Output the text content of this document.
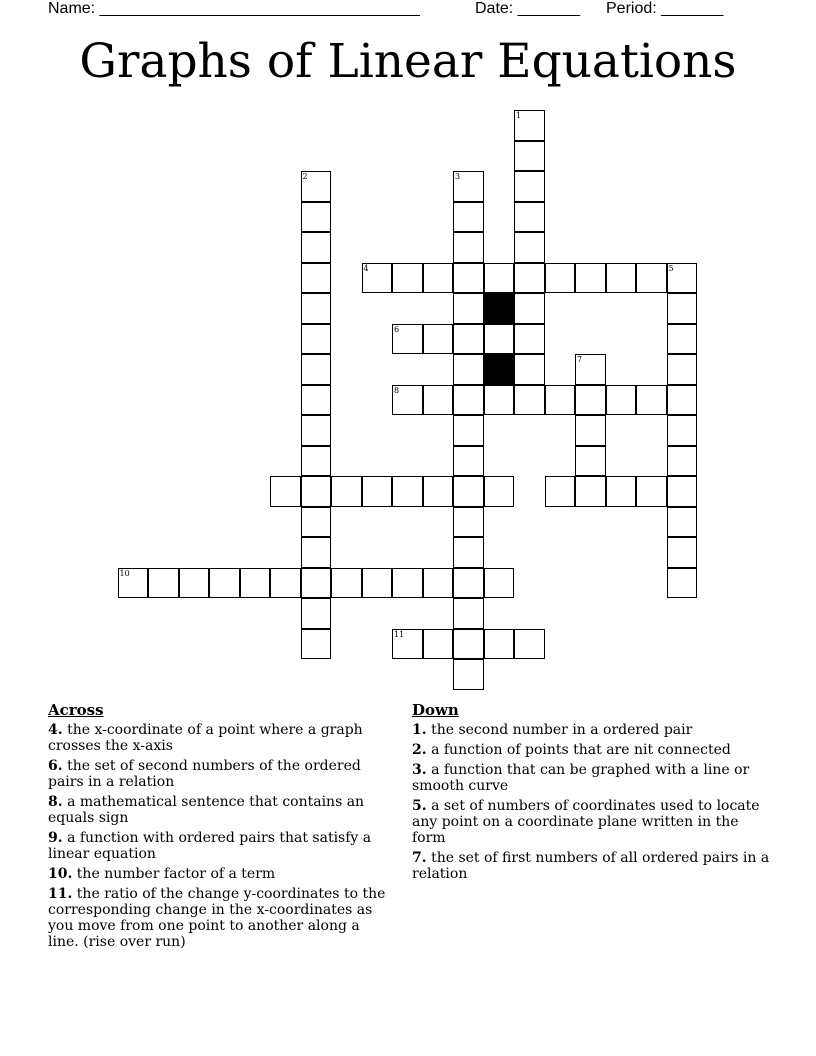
Name: ____________________________________	Date: _______ Period: _______
Graphs of Linear Equations
1
2	3
4	5
6
7
8
11
10
Across
4. the x-coordinate of a point where a graph crosses the x-axis
6. the set of second numbers of the ordered pairs in a relation
8. a mathematical sentence that contains an equals sign
9. a function with ordered pairs that satisfy a linear equation
10. the number factor of a term
11. the ratio of the change y-coordinates to the corresponding change in the x-coordinates as you move from one point to another along a line. (rise over run)
Down
1. the second number in a ordered pair
2. a function of points that are nit connected
3. a function that can be graphed with a line or smooth curve
5. a set of numbers of coordinates used to locate any point on a coordinate plane written in the form
7. the set of first numbers of all ordered pairs in a relation
